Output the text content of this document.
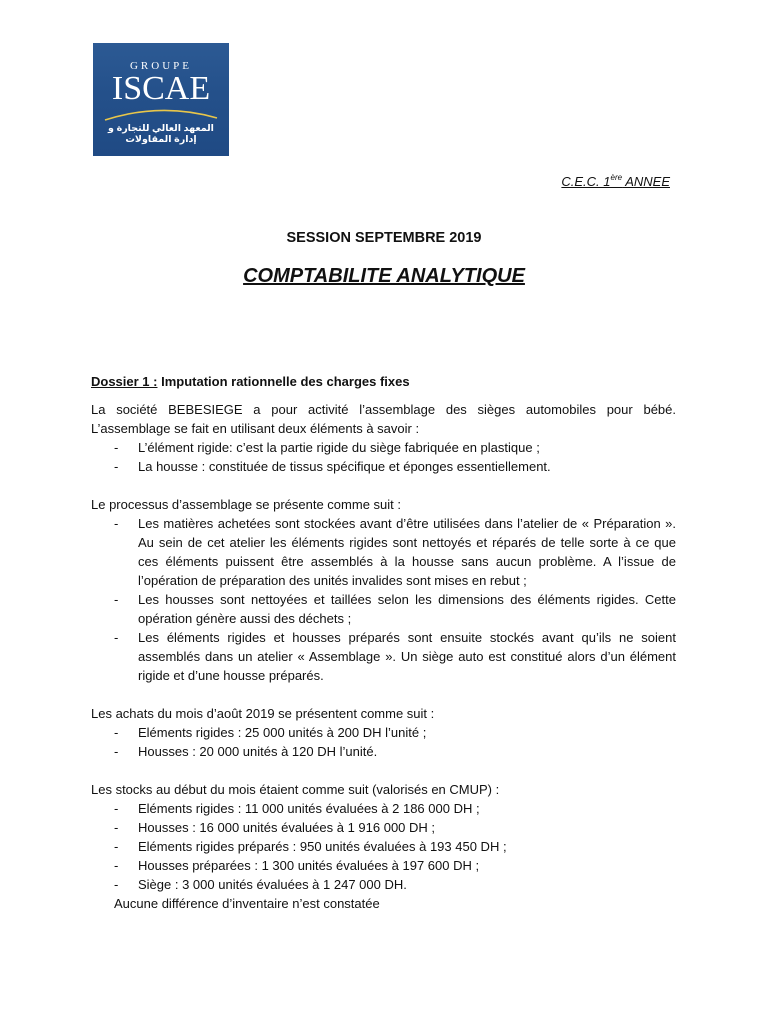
GROUPE
ISCAE
المعهد العالي للتجارة و إدارة المقاولات
C.E.C. 1ère ANNEE
SESSION SEPTEMBRE 2019
COMPTABILITE ANALYTIQUE

Dossier 1 : Imputation rationnelle des charges fixes

La société BEBESIEGE a pour activité l’assemblage des sièges automobiles pour bébé. L’assemblage se fait en utilisant deux éléments à savoir :

- L’élément rigide: c’est la partie rigide du siège fabriquée en plastique ;
- La housse : constituée de tissus spécifique et éponges essentiellement.

Le processus d’assemblage se présente comme suit :

- Les matières achetées sont stockées avant d’être utilisées dans l’atelier de « Préparation ». Au sein de cet atelier les éléments rigides sont nettoyés et réparés de telle sorte à ce que ces éléments puissent être assemblés à la housse sans aucun problème. A l’issue de l’opération de préparation des unités invalides sont mises en rebut ;
- Les housses sont nettoyées et taillées selon les dimensions des éléments rigides. Cette opération génère aussi des déchets ;
- Les éléments rigides et housses préparés sont ensuite stockés avant qu’ils ne soient assemblés dans un atelier « Assemblage ». Un siège auto est constitué alors d’un élément rigide et d’une housse préparés.

Les achats du mois d’août 2019 se présentent comme suit :

- Eléments rigides : 25 000 unités à 200 DH l’unité ;
- Housses : 20 000 unités à 120 DH l’unité.

Les stocks au début du mois étaient comme suit (valorisés en CMUP) :

- Eléments rigides : 11 000 unités évaluées à 2 186 000 DH ;
- Housses : 16 000 unités évaluées à 1 916 000 DH ;
- Eléments rigides préparés : 950 unités évaluées à 193 450 DH ;
- Housses préparées : 1 300 unités évaluées à 197 600 DH ;
- Siège : 3 000 unités évaluées à 1 247 000 DH.

Aucune différence d’inventaire n’est constatée
